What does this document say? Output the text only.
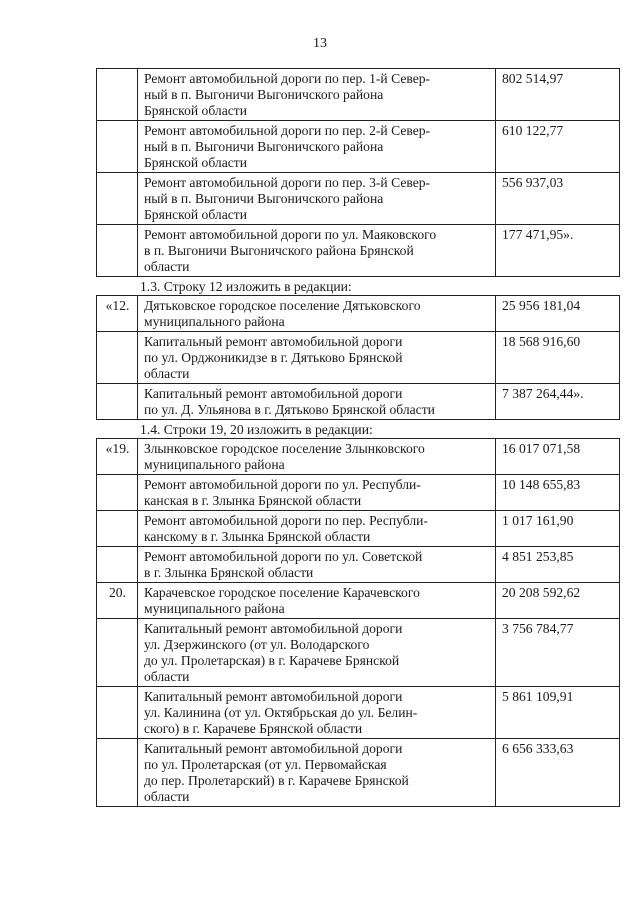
13

	Ремонт автомобильной дороги по пер. 1-й Север-
ный в п. Выгоничи Выгоничского района
Брянской области	802 514,97

	Ремонт автомобильной дороги по пер. 2-й Север-
ный в п. Выгоничи Выгоничского района
Брянской области	610 122,77

	Ремонт автомобильной дороги по пер. 3-й Север-
ный в п. Выгоничи Выгоничского района
Брянской области	556 937,03

	Ремонт автомобильной дороги по ул. Маяковского
в п. Выгоничи Выгоничского района Брянской
области	177 471,95».
1.3. Строку 12 изложить в редакции:
«12.	Дятьковское городское поселение Дятьковского
муниципального района	25 956 181,04

	Капитальный ремонт автомобильной дороги
по ул. Орджоникидзе в г. Дятьково Брянской
области	18 568 916,60

	Капитальный ремонт автомобильной дороги
по ул. Д. Ульянова в г. Дятьково Брянской области	7 387 264,44».
1.4. Строки 19, 20 изложить в редакции:
«19.	Злынковское городское поселение Злынковского
муниципального района	16 017 071,58

	Ремонт автомобильной дороги по ул. Республи-
канская в г. Злынка Брянской области	10 148 655,83

	Ремонт автомобильной дороги по пер. Республи-
канскому в г. Злынка Брянской области	1 017 161,90

	Ремонт автомобильной дороги по ул. Советской
в г. Злынка Брянской области	4 851 253,85
20.	Карачевское городское поселение Карачевского
муниципального района	20 208 592,62

	Капитальный ремонт автомобильной дороги
ул. Дзержинского (от ул. Володарского
до ул. Пролетарская) в г. Карачеве Брянской
области	3 756 784,77

	Капитальный ремонт автомобильной дороги
ул. Калинина (от ул. Октябрьская до ул. Белин-
ского) в г. Карачеве Брянской области	5 861 109,91

	Капитальный ремонт автомобильной дороги
по ул. Пролетарская (от ул. Первомайская
до пер. Пролетарский) в г. Карачеве Брянской
области	6 656 333,63
